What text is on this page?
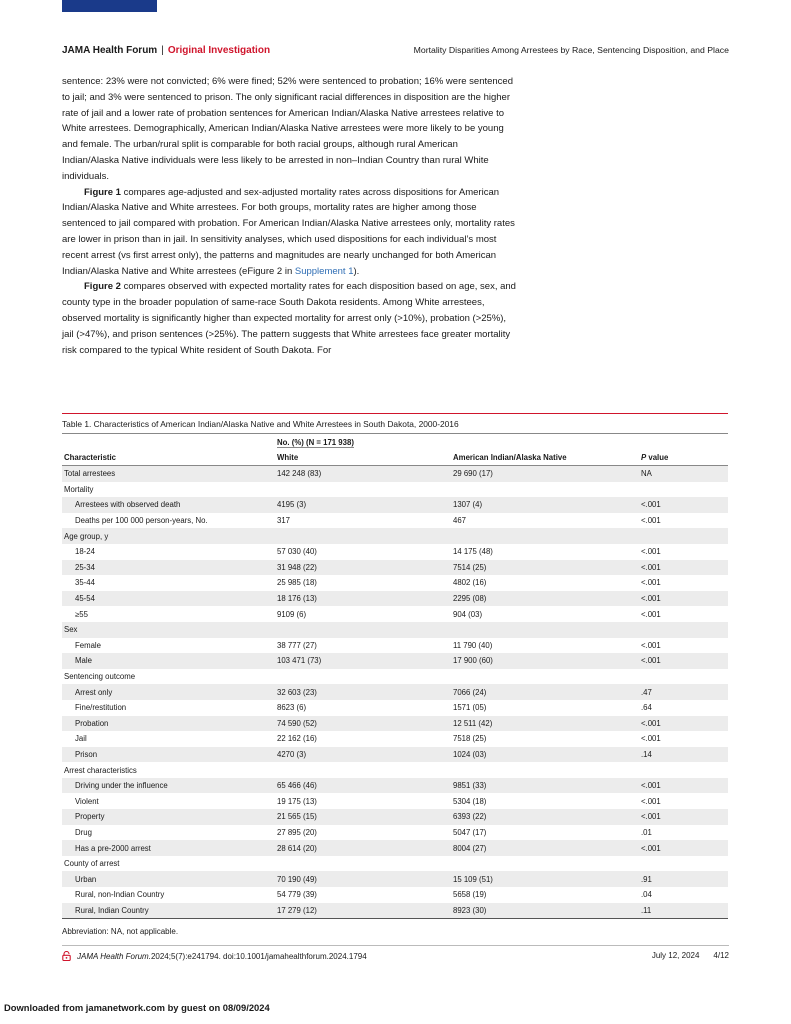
JAMA Health Forum | Original Investigation	Mortality Disparities Among Arrestees by Race, Sentencing Disposition, and Place

sentence: 23% were not convicted; 6% were fined; 52% were sentenced to probation; 16% were sentenced to jail; and 3% were sentenced to prison. The only significant racial differences in disposition are the higher rate of jail and a lower rate of probation sentences for American Indian/Alaska Native arrestees relative to White arrestees. Demographically, American Indian/Alaska Native arrestees were more likely to be young and female. The urban/rural split is comparable for both racial groups, although rural American Indian/Alaska Native individuals were less likely to be arrested in non–Indian Country than rural White individuals.

Figure 1 compares age-adjusted and sex-adjusted mortality rates across dispositions for American Indian/Alaska Native and White arrestees. For both groups, mortality rates are higher among those sentenced to jail compared with probation. For American Indian/Alaska Native arrestees only, mortality rates are lower in prison than in jail. In sensitivity analyses, which used dispositions for each individual’s most recent arrest (vs first arrest only), the patterns and magnitudes are nearly unchanged for both American Indian/Alaska Native and White arrestees (eFigure 2 in Supplement 1).

Figure 2 compares observed with expected mortality rates for each disposition based on age, sex, and county type in the broader population of same-race South Dakota residents. Among White arrestees, observed mortality is significantly higher than expected mortality for arrest only (>10%), probation (>25%), jail (>47%), and prison sentences (>25%). The pattern suggests that White arrestees face greater mortality risk compared to the typical White resident of South Dakota. For

Table 1. Characteristics of American Indian/Alaska Native and White Arrestees in South Dakota, 2000-2016
	No. (%) (N = 171 938)		
Characteristic	White	American Indian/Alaska Native	P value
Total arrestees	142 248 (83)	29 690 (17)	NA
Mortality			
Arrestees with observed death	4195 (3)	1307 (4)	<.001
Deaths per 100 000 person-years, No.	317	467	<.001
Age group, y			
18-24	57 030 (40)	14 175 (48)	<.001
25-34	31 948 (22)	7514 (25)	<.001
35-44	25 985 (18)	4802 (16)	<.001
45-54	18 176 (13)	2295 (08)	<.001
≥55	9109 (6)	904 (03)	<.001
Sex			
Female	38 777 (27)	11 790 (40)	<.001
Male	103 471 (73)	17 900 (60)	<.001
Sentencing outcome			
Arrest only	32 603 (23)	7066 (24)	.47
Fine/restitution	8623 (6)	1571 (05)	.64
Probation	74 590 (52)	12 511 (42)	<.001
Jail	22 162 (16)	7518 (25)	<.001
Prison	4270 (3)	1024 (03)	.14
Arrest characteristics			
Driving under the influence	65 466 (46)	9851 (33)	<.001
Violent	19 175 (13)	5304 (18)	<.001
Property	21 565 (15)	6393 (22)	<.001
Drug	27 895 (20)	5047 (17)	.01
Has a pre-2000 arrest	28 614 (20)	8004 (27)	<.001
County of arrest			
Urban	70 190 (49)	15 109 (51)	.91
Rural, non-Indian Country	54 779 (39)	5658 (19)	.04
Rural, Indian Country	17 279 (12)	8923 (30)	.11
Abbreviation: NA, not applicable.
JAMA Health Forum. 2024;5(7):e241794. doi:10.1001/jamahealthforum.2024.1794	July 12, 2024 4/12
Downloaded from jamanetwork.com by guest on 08/09/2024
